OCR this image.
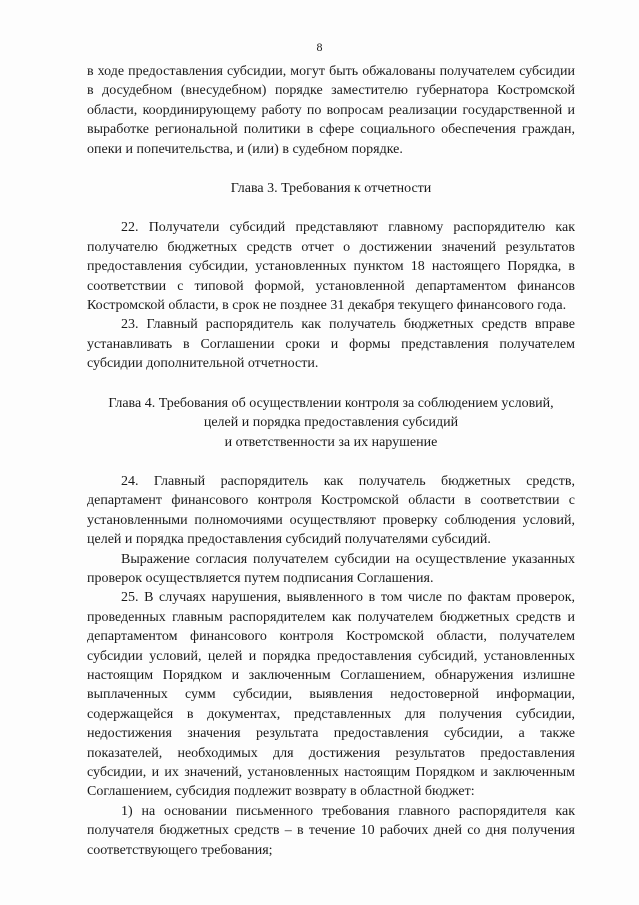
8

в ходе предоставления субсидии, могут быть обжалованы получателем субсидии в досудебном (внесудебном) порядке заместителю губернатора Костромской области, координирующему работу по вопросам реализации государственной и выработке региональной политики в сфере социального обеспечения граждан, опеки и попечительства, и (или) в судебном порядке.

Глава 3. Требования к отчетности

22. Получатели субсидий представляют главному распорядителю как получателю бюджетных средств отчет о достижении значений результатов предоставления субсидии, установленных пунктом 18 настоящего Порядка, в соответствии с типовой формой, установленной департаментом финансов Костромской области, в срок не позднее 31 декабря текущего финансового года.

23. Главный распорядитель как получатель бюджетных средств вправе устанавливать в Соглашении сроки и формы представления получателем субсидии дополнительной отчетности.

Глава 4. Требования об осуществлении контроля за соблюдением условий,

целей и порядка предоставления субсидий

и ответственности за их нарушение

24. Главный распорядитель как получатель бюджетных средств, департамент финансового контроля Костромской области в соответствии с установленными полномочиями осуществляют проверку соблюдения условий, целей и порядка предоставления субсидий получателями субсидий.

Выражение согласия получателем субсидии на осуществление указанных проверок осуществляется путем подписания Соглашения.

25. В случаях нарушения, выявленного в том числе по фактам проверок, проведенных главным распорядителем как получателем бюджетных средств и департаментом финансового контроля Костромской области, получателем субсидии условий, целей и порядка предоставления субсидий, установленных настоящим Порядком и заключенным Соглашением, обнаружения излишне выплаченных сумм субсидии, выявления недостоверной информации, содержащейся в документах, представленных для получения субсидии, недостижения значения результата предоставления субсидии, а также показателей, необходимых для достижения результатов предоставления субсидии, и их значений, установленных настоящим Порядком и заключенным Соглашением, субсидия подлежит возврату в областной бюджет:

1) на основании письменного требования главного распорядителя как получателя бюджетных средств – в течение 10 рабочих дней со дня получения соответствующего требования;
